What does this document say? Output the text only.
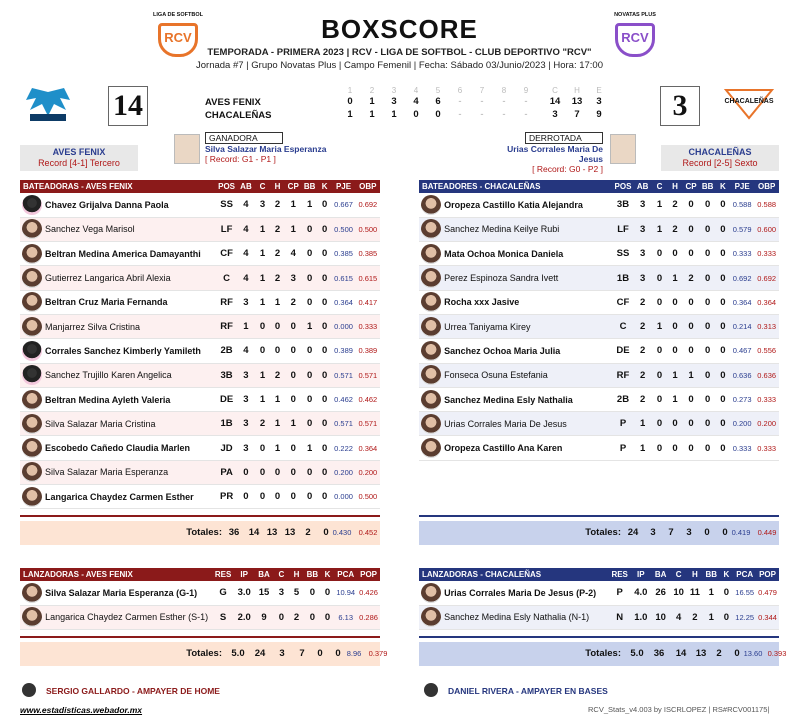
LIGA DE SOFTBOL
RCV
NOVATAS PLUS
RCV
BOXSCORE
TEMPORADA - PRIMERA 2023 | RCV - LIGA DE SOFTBOL - CLUB DEPORTIVO "RCV"
Jornada #7 | Grupo Novatas Plus | Campo Femenil | Fecha: Sábado 03/Junio/2023 | Hora: 17:00
14	3	CHACALEÑAS
AVES FENIX
CHACALEÑAS
1	2	3	4	5	6	7	8	9	C	H	E
0	1	3	4	6	-	-	-	-	14	13	3
1	1	1	0	0	-	-	-	-	3	7	9
AVES FENIX
Record [4-1] Tercero
CHACALEÑAS
Record [2-5] Sexto
GANADORA
Silva Salazar Maria Esperanza
[ Record: G1 - P1 ]
DERROTADA
Urias Corrales Maria De Jesus
[ Record: G0 - P2 ]
BATEADORAS - AVES FENIX		POS	AB	C	H	CP	BB	K	PJE	OBP

	Chavez Grijalva Danna Paola	SS	4	3	2	1	1	0	0.667	0.692

	Sanchez Vega Marisol	LF	4	1	2	1	0	0	0.500	0.500

	Beltran Medina America Damayanthi	CF	4	1	2	4	0	0	0.385	0.385

	Gutierrez Langarica Abril Alexia	C	4	1	2	3	0	0	0.615	0.615

	Beltran Cruz Maria Fernanda	RF	3	1	1	2	0	0	0.364	0.417

	Manjarrez Silva Cristina	RF	1	0	0	0	1	0	0.000	0.333

	Corrales Sanchez Kimberly Yamileth	2B	4	0	0	0	0	0	0.389	0.389

	Sanchez Trujillo Karen Angelica	3B	3	1	2	0	0	0	0.571	0.571

	Beltran Medina Ayleth Valeria	DE	3	1	1	0	0	0	0.462	0.462

	Silva Salazar Maria Cristina	1B	3	2	1	1	0	0	0.571	0.571

	Escobedo Cañedo Claudia Marlen	JD	3	0	1	0	1	0	0.222	0.364

	Silva Salazar Maria Esperanza	PA	0	0	0	0	0	0	0.200	0.200

	Langarica Chaydez Carmen Esther	PR	0	0	0	0	0	0	0.000	0.500
BATEADORES - CHACALEÑAS		POS	AB	C	H	CP	BB	K	PJE	OBP

	Oropeza Castillo Katia Alejandra	3B	3	1	2	0	0	0	0.588	0.588

	Sanchez Medina Keilye Rubi	LF	3	1	2	0	0	0	0.579	0.600

	Mata Ochoa Monica Daniela	SS	3	0	0	0	0	0	0.333	0.333

	Perez Espinoza Sandra Ivett	1B	3	0	1	2	0	0	0.692	0.692

	Rocha xxx Jasive	CF	2	0	0	0	0	0	0.364	0.364

	Urrea Taniyama Kirey	C	2	1	0	0	0	0	0.214	0.313

	Sanchez Ochoa Maria Julia	DE	2	0	0	0	0	0	0.467	0.556

	Fonseca Osuna Estefania	RF	2	0	1	1	0	0	0.636	0.636

	Sanchez Medina Esly Nathalia	2B	2	0	1	0	0	0	0.273	0.333

	Urias Corrales Maria De Jesus	P	1	0	0	0	0	0	0.200	0.200

	Oropeza Castillo Ana Karen	P	1	0	0	0	0	0	0.333	0.333
Totales: 36 14 13 13	2	0 0.430 0.452	Totales: 24	3	7	3	0	0 0.419 0.449
LANZADORAS - AVES FENIX		RES	IP	BA	C	H	BB	K	PCA	POP

	Silva Salazar Maria Esperanza (G-1)	G	3.0	15	3	5	0	0	10.94	0.426

	Langarica Chaydez Carmen Esther (S-1)	S	2.0	9	0	2	0	0	6.13	0.286
LANZADORAS - CHACALEÑAS		RES	IP	BA	C	H	BB	K	PCA	POP

	Urias Corrales Maria De Jesus (P-2)	P	4.0	26	10	11	1	0	16.55	0.479

	Sanchez Medina Esly Nathalia (N-1)	N	1.0	10	4	2	1	0	12.25	0.344
Totales: 5.0	24	3	7	0	0 8.96 0.379	Totales: 5.0	36	14 13	2	0 13.60 0.393
SERGIO GALLARDO - AMPAYER DE HOME	DANIEL RIVERA - AMPAYER EN BASES
www.estadisticas.webador.mx	RCV_Stats_v4.003 by ISCRLOPEZ | RS#RCV001175|
